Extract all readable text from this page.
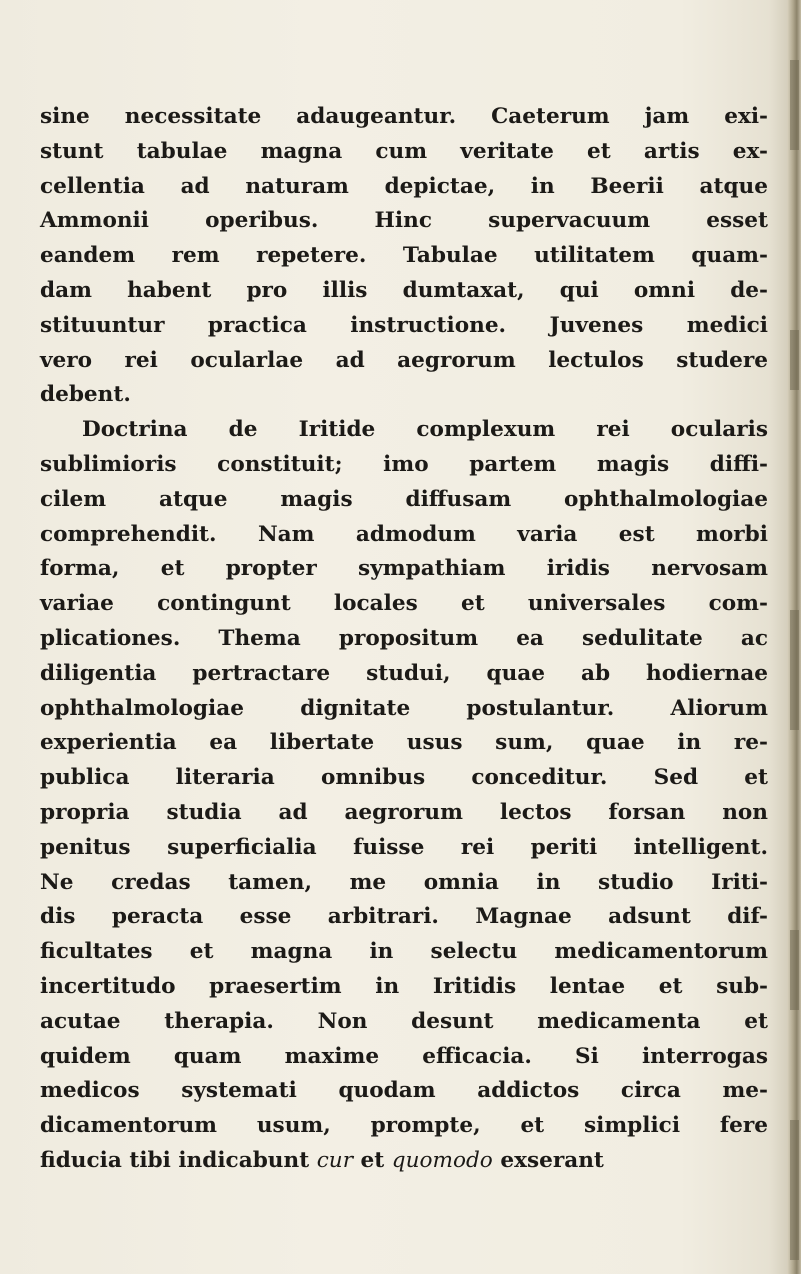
sine necessitate adaugeantur. Caeterum jam exi-
stunt tabulae magna cum veritate et artis ex-
cellentia ad naturam depictae, in Beerii atque
Ammonii operibus. Hinc supervacuum esset
eandem rem repetere. Tabulae utilitatem quam-
dam habent pro illis dumtaxat, qui omni de-
stituuntur practica instructione. Juvenes medici
vero rei ocularlae ad aegrorum lectulos studere
debent.
Doctrina de Iritide complexum rei ocularis
sublimioris constituit; imo partem magis diffi-
cilem atque magis diffusam ophthalmologiae
comprehendit. Nam admodum varia est morbi
forma, et propter sympathiam iridis nervosam
variae contingunt locales et universales com-
plicationes. Thema propositum ea sedulitate ac
diligentia pertractare studui, quae ab hodiernae
ophthalmologiae dignitate postulantur. Aliorum
experientia ea libertate usus sum, quae in re-
publica literaria omnibus conceditur. Sed et
propria studia ad aegrorum lectos forsan non
penitus superficialia fuisse rei periti intelligent.
Ne credas tamen, me omnia in studio Iriti-
dis peracta esse arbitrari. Magnae adsunt dif-
ficultates et magna in selectu medicamentorum
incertitudo praesertim in Iritidis lentae et sub-
acutae therapia. Non desunt medicamenta et
quidem quam maxime efficacia. Si interrogas
medicos systemati quodam addictos circa me-
dicamentorum usum, prompte, et simplici fere
fiducia tibi indicabunt cur et quomodo exserant
